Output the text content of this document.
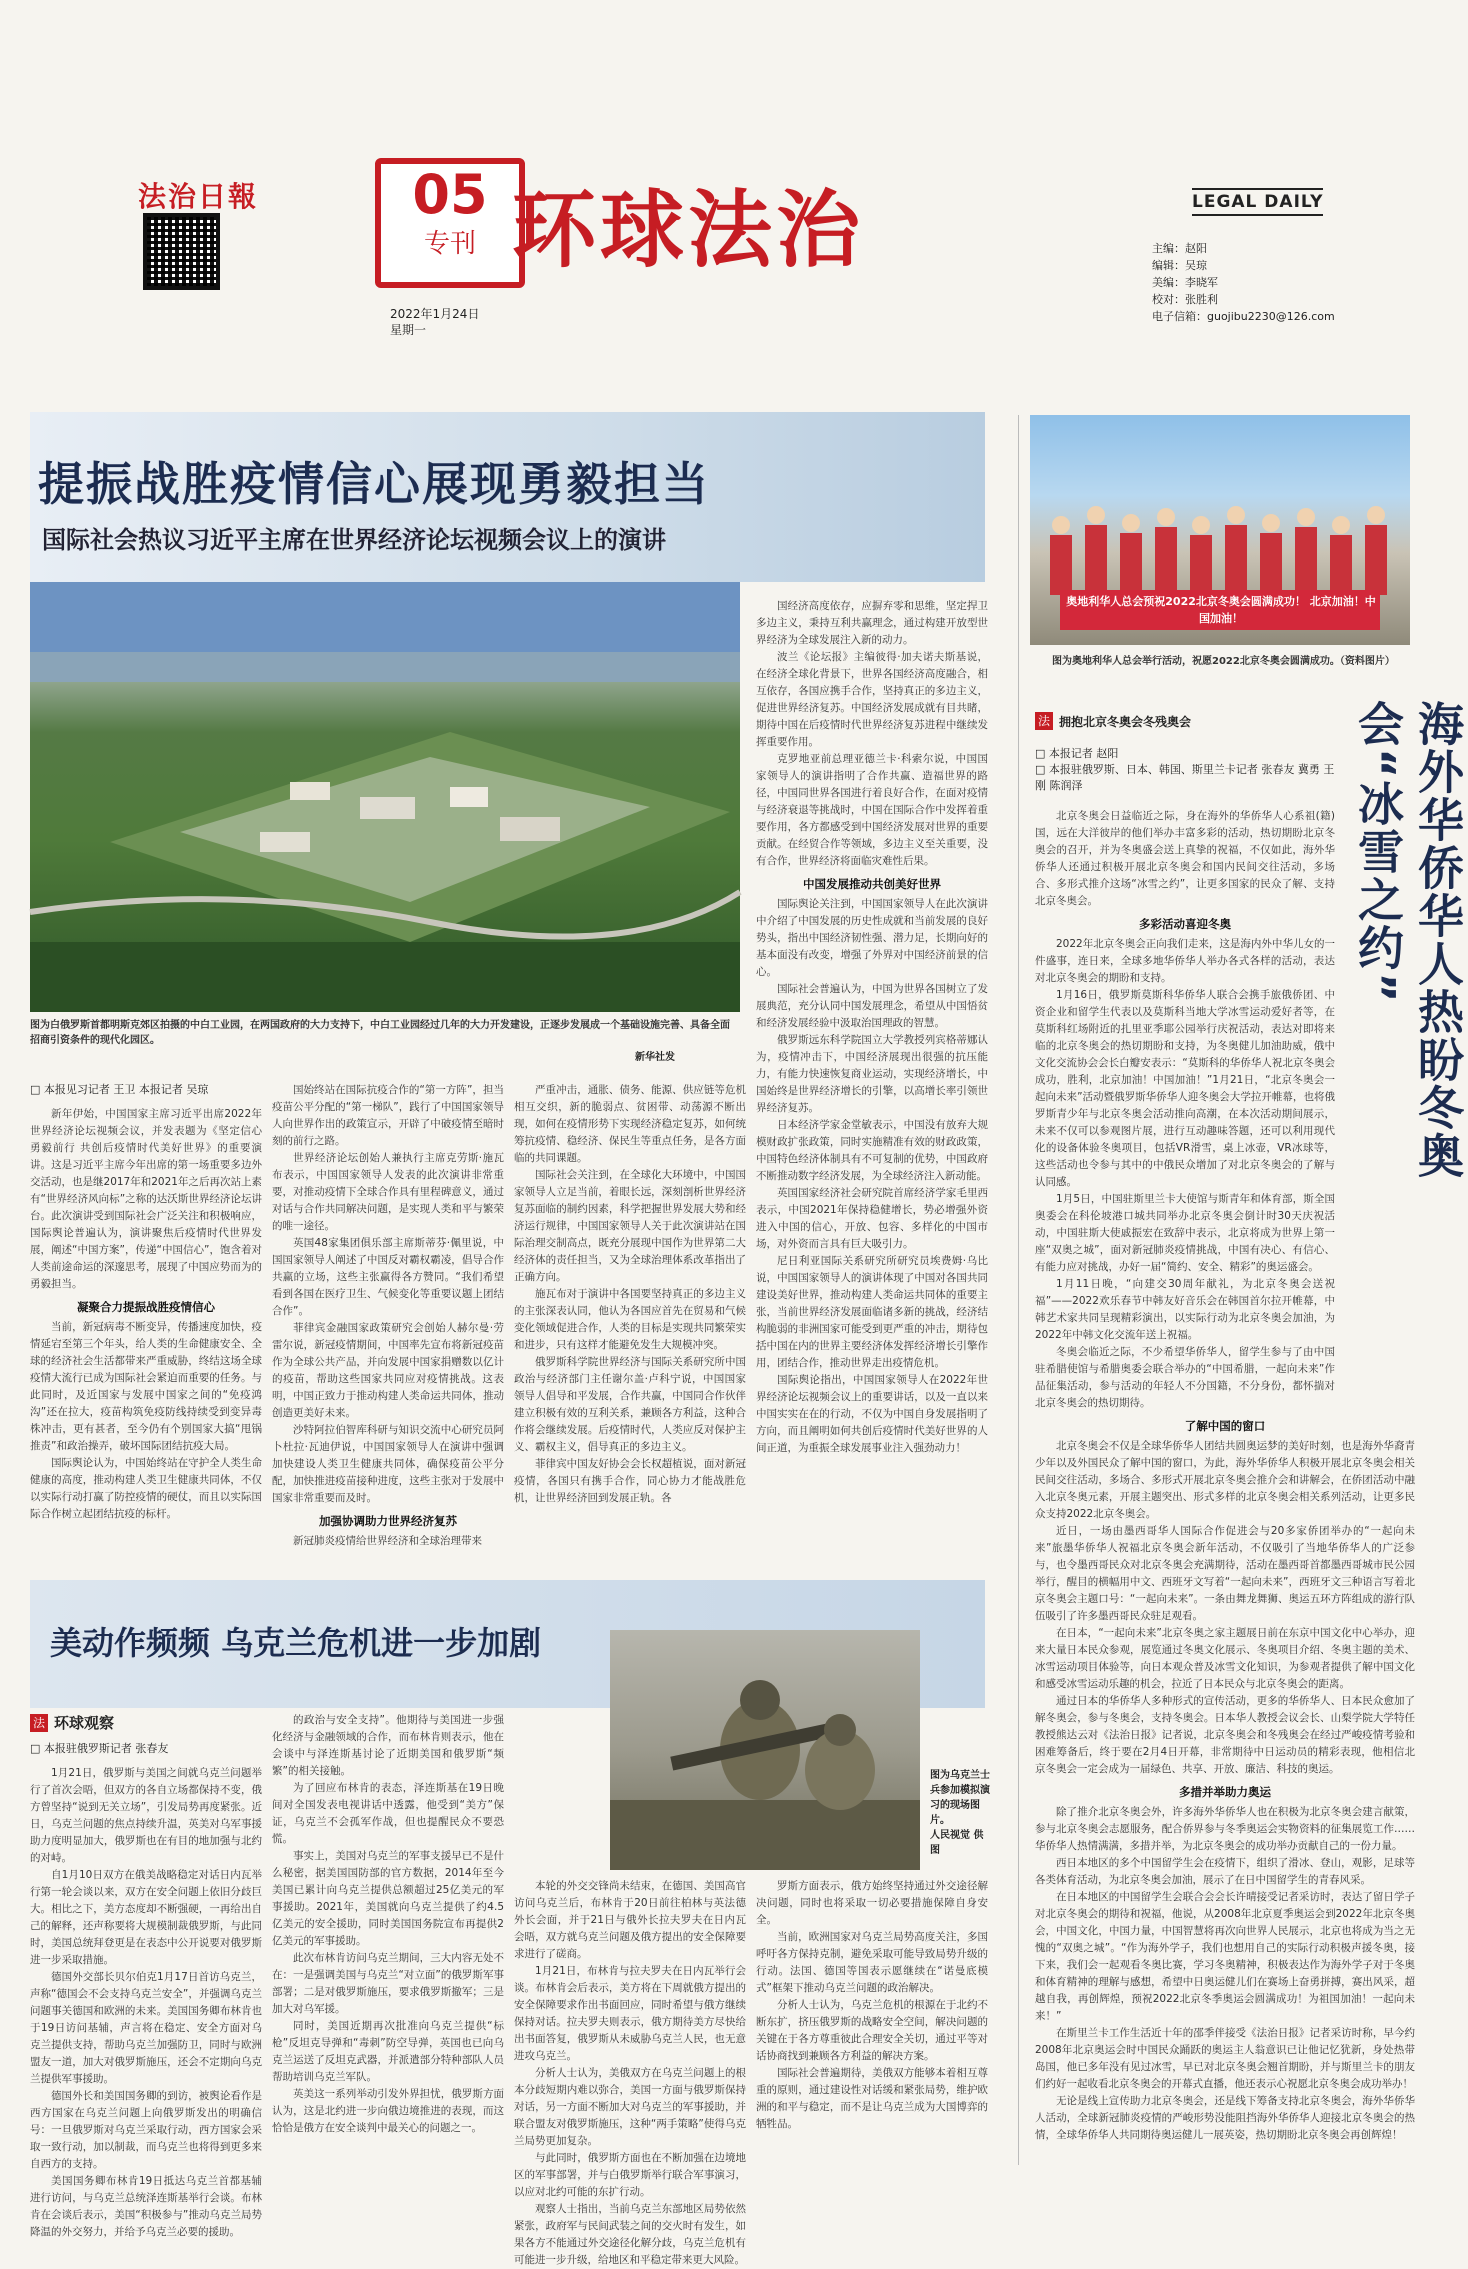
法治日報	05
专刊 环球法治
2022年1月24日
星期一
LEGAL DAILY
主编：赵阳
编辑：吴琼
美编：李晓军
校对：张胜利
电子信箱：guojibu2230@126.com
提振战胜疫情信心展现勇毅担当
国际社会热议习近平主席在世界经济论坛视频会议上的演讲
图为白俄罗斯首都明斯克郊区拍摄的中白工业园，在两国政府的大力支持下，中白工业园经过几年的大力开发建设，正逐步发展成一个基础设施完善、具备全面招商引资条件的现代化园区。
新华社发
□ 本报见习记者 王卫 本报记者 吴琼

新年伊始，中国国家主席习近平出席2022年世界经济论坛视频会议，并发表题为《坚定信心 勇毅前行 共创后疫情时代美好世界》的重要演讲。这是习近平主席今年出席的第一场重要多边外交活动，也是继2017年和2021年之后再次站上素有“世界经济风向标”之称的达沃斯世界经济论坛讲台。此次演讲受到国际社会广泛关注和积极响应，国际舆论普遍认为，演讲聚焦后疫情时代世界发展，阐述“中国方案”，传递“中国信心”，饱含着对人类前途命运的深邃思考，展现了中国应势而为的勇毅担当。

凝聚合力提振战胜疫情信心

当前，新冠病毒不断变异，传播速度加快，疫情延宕至第三个年头，给人类的生命健康安全、全球的经济社会生活都带来严重威胁，终结这场全球疫情大流行已成为国际社会紧迫而重要的任务。与此同时，及近国家与发展中国家之间的“免疫鸿沟”还在拉大，疫苗构筑免疫防线持续受到变异毒株冲击，更有甚者，至今仍有个别国家大搞“甩锅推责”和政治操弄，破坏国际团结抗疫大局。

国际舆论认为，中国始终站在守护全人类生命健康的高度，推动构建人类卫生健康共同体，不仅以实际行动打赢了防控疫情的硬仗，而且以实际国际合作树立起团结抗疫的标杆。

国始终站在国际抗疫合作的“第一方阵”，担当疫苗公平分配的“第一梯队”，践行了中国国家领导人向世界作出的政策宣示，开辟了中破疫情至暗时刻的前行之路。

世界经济论坛创始人兼执行主席克劳斯·施瓦布表示，中国国家领导人发表的此次演讲非常重要，对推动疫情下全球合作具有里程碑意义，通过对话与合作共同解决问题，是实现人类和平与繁荣的唯一途径。

英国48家集团俱乐部主席斯蒂芬·佩里说，中国国家领导人阐述了中国反对霸权霸凌，倡导合作共赢的立场，这些主张赢得各方赞同。“我们希望看到各国在医疗卫生、气候变化等重要议题上团结合作”。

菲律宾金融国家政策研究会创始人赫尔曼·劳雷尔说，新冠疫情期间，中国率先宣布将新冠疫苗作为全球公共产品，并向发展中国家捐赠数以亿计的疫苗，帮助这些国家共同应对疫情挑战。这表明，中国正致力于推动构建人类命运共同体，推动创造更美好未来。

沙特阿拉伯智库科研与知识交流中心研究员阿卜杜拉·瓦迪伊说，中国国家领导人在演讲中强调加快建设人类卫生健康共同体，确保疫苗公平分配，加快推进疫苗接种进度，这些主张对于发展中国家非常重要而及时。

加强协调助力世界经济复苏

新冠肺炎疫情给世界经济和全球治理带来

严重冲击，通胀、债务、能源、供应链等危机相互交织，新的脆弱点、贫困带、动荡源不断出现，如何在疫情形势下实现经济稳定复苏，如何统筹抗疫情、稳经济、保民生等重点任务，是各方面临的共同课题。

国际社会关注到，在全球化大环境中，中国国家领导人立足当前，着眼长远，深刻剖析世界经济复苏面临的制约因素，科学把握世界发展大势和经济运行规律，中国国家领导人关于此次演讲站在国际治理交制高点，既充分展现中国作为世界第二大经济体的责任担当，又为全球治理体系改革指出了正确方向。

施瓦布对于演讲中各国要坚持真正的多边主义的主张深表认同，他认为各国应首先在贸易和气候变化领域促进合作，人类的目标是实现共同繁荣实和进步，只有这样才能避免发生大规模冲突。

俄罗斯科学院世界经济与国际关系研究所中国政治与经济部门主任谢尔盖·卢科宁说，中国国家领导人倡导和平发展，合作共赢，中国同合作伙伴建立积极有效的互利关系，兼顾各方利益，这种合作将会继续发展。后疫情时代，人类应反对保护主义、霸权主义，倡导真正的多边主义。

菲律宾中国友好协会会长权超植说，面对新冠疫情，各国只有携手合作，同心协力才能战胜危机，让世界经济回到发展正轨。各

国经济高度依存，应摒弃零和思维，坚定捍卫多边主义，秉持互利共赢理念，通过构建开放型世界经济为全球发展注入新的动力。

波兰《论坛报》主编彼得·加夫诺夫斯基说，在经济全球化背景下，世界各国经济高度融合，相互依存，各国应携手合作，坚持真正的多边主义，促进世界经济复苏。中国经济发展成就有目共睹，期待中国在后疫情时代世界经济复苏进程中继续发挥重要作用。

克罗地亚前总理亚德兰卡·科索尔说，中国国家领导人的演讲指明了合作共赢、造福世界的路径，中国同世界各国进行着良好合作，在面对疫情与经济衰退等挑战时，中国在国际合作中发挥着重要作用，各方都感受到中国经济发展对世界的重要贡献。在经贸合作等领域，多边主义至关重要，没有合作，世界经济将面临灾难性后果。

中国发展推动共创美好世界

国际舆论关注到，中国国家领导人在此次演讲中介绍了中国发展的历史性成就和当前发展的良好势头，指出中国经济韧性强、潜力足，长期向好的基本面没有改变，增强了外界对中国经济前景的信心。

国际社会普遍认为，中国为世界各国树立了发展典范，充分认同中国发展理念，希望从中国悟贫和经济发展经验中汲取治国理政的智慧。

俄罗斯远东科学院国立大学教授列宾格蒂娜认为，疫情冲击下，中国经济展现出很强的抗压能力，有能力快速恢复商业运动，实现经济增长，中国始终是世界经济增长的引擎，以高增长率引领世界经济复苏。

日本经济学家金堂敏表示，中国没有放弃大规模财政扩张政策，同时实施精准有效的财政政策，中国特色经济体制具有不可复制的优势，中国政府不断推动数字经济发展，为全球经济注入新动能。

英国国家经济社会研究院首席经济学家毛里西表示，中国2021年保持稳健增长，势必增强外资进入中国的信心，开放、包容、多样化的中国市场，对外资而言具有巨大吸引力。

尼日利亚国际关系研究所研究员埃费姆·乌比说，中国国家领导人的演讲体现了中国对各国共同建设美好世界，推动构建人类命运共同体的重要主张，当前世界经济发展面临诸多新的挑战，经济结构脆弱的非洲国家可能受到更严重的冲击，期待包括中国在内的世界主要经济体发挥经济增长引擎作用，团结合作，推动世界走出疫情危机。

国际舆论指出，中国国家领导人在2022年世界经济论坛视频会议上的重要讲话，以及一直以来中国实实在在的行动，不仅为中国自身发展指明了方向，而且阐明如何共创后疫情时代美好世界的人间正道，为重振全球发展事业注入强劲动力！

美动作频频 乌克兰危机进一步加剧
图为乌克兰士兵参加模拟演习的现场图片。
人民视觉 供图
法 环球观察
□ 本报驻俄罗斯记者 张春友

1月21日，俄罗斯与美国之间就乌克兰问题举行了首次会晤，但双方的各自立场都保持不变，俄方曾坚持“说到无关立场”，引发局势再度紧张。近日，乌克兰问题的焦点持续升温，英美对乌军事援助力度明显加大，俄罗斯也在有目的地加强与北约的对峙。

自1月10日双方在俄美战略稳定对话日内瓦举行第一轮会谈以来，双方在安全问题上依旧分歧巨大。相比之下，美方态度却不断强硬，一再给出自己的解释，还声称要将大规模制裁俄罗斯，与此同时，美国总统拜登更是在表态中公开说要对俄罗斯进一步采取措施。

德国外交部长贝尔伯克1月17日首访乌克兰，声称“德国会不会支持乌克兰安全”，并强调乌克兰问题事关德国和欧洲的未来。美国国务卿布林肯也于19日访问基辅，声言将在稳定、安全方面对乌克兰提供支持，帮助乌克兰加强防卫，同时与欧洲盟友一道，加大对俄罗斯施压，还会不定期向乌克兰提供军事援助。

德国外长和美国国务卿的到访，被舆论看作是西方国家在乌克兰问题上向俄罗斯发出的明确信号：一旦俄罗斯对乌克兰采取行动，西方国家会采取一致行动，加以制裁，而乌克兰也将得到更多来自西方的支持。

美国国务卿布林肯19日抵达乌克兰首都基辅进行访问，与乌克兰总统泽连斯基举行会谈。布林肯在会谈后表示，美国“积极参与”推动乌克兰局势降温的外交努力，并给予乌克兰必要的援助。

的政治与安全支持”。他期待与美国进一步强化经济与金融领域的合作，而布林肯则表示，他在会谈中与泽连斯基讨论了近期美国和俄罗斯“频繁”的相关接触。

为了回应布林肯的表态，泽连斯基在19日晚间对全国发表电视讲话中透露，他受到“美方”保证，乌克兰不会孤军作战，但也提醒民众不要恐慌。

事实上，美国对乌克兰的军事支援早已不是什么秘密，据美国国防部的官方数据，2014年至今美国已累计向乌克兰提供总额超过25亿美元的军事援助。2021年，美国就向乌克兰提供了约4.5亿美元的安全援助，同时美国国务院宣布再提供2亿美元的军事援助。

此次布林肯访问乌克兰期间，三大内容无处不在：一是强调美国与乌克兰“对立面”的俄罗斯军事部署；二是对俄罗斯施压，要求俄罗斯撤军；三是加大对乌军援。

同时，美国近期再次批准向乌克兰提供“标枪”反坦克导弹和“毒刺”防空导弹，英国也已向乌克兰运送了反坦克武器，并派遣部分特种部队人员帮助培训乌克兰军队。

英美这一系列举动引发外界担忧，俄罗斯方面认为，这是北约进一步向俄边境推进的表现，而这恰恰是俄方在安全谈判中最关心的问题之一。

本轮的外交交锋尚未结束，在德国、美国高官访问乌克兰后，布林肯于20日前往柏林与英法德外长会面，并于21日与俄外长拉夫罗夫在日内瓦会晤，双方就乌克兰问题及俄方提出的安全保障要求进行了磋商。

1月21日，布林肯与拉夫罗夫在日内瓦举行会谈。布林肯会后表示，美方将在下周就俄方提出的安全保障要求作出书面回应，同时希望与俄方继续保持对话。拉夫罗夫则表示，俄方期待美方尽快给出书面答复，俄罗斯从未威胁乌克兰人民，也无意进攻乌克兰。

分析人士认为，美俄双方在乌克兰问题上的根本分歧短期内难以弥合，美国一方面与俄罗斯保持对话，另一方面不断加大对乌克兰的军事援助，并联合盟友对俄罗斯施压，这种“两手策略”使得乌克兰局势更加复杂。

与此同时，俄罗斯方面也在不断加强在边境地区的军事部署，并与白俄罗斯举行联合军事演习，以应对北约可能的东扩行动。

观察人士指出，当前乌克兰东部地区局势依然紧张，政府军与民间武装之间的交火时有发生，如果各方不能通过外交途径化解分歧，乌克兰危机有可能进一步升级，给地区和平稳定带来更大风险。

罗斯方面表示，俄方始终坚持通过外交途径解决问题，同时也将采取一切必要措施保障自身安全。

当前，欧洲国家对乌克兰局势高度关注，多国呼吁各方保持克制，避免采取可能导致局势升级的行动。法国、德国等国表示愿继续在“诺曼底模式”框架下推动乌克兰问题的政治解决。

分析人士认为，乌克兰危机的根源在于北约不断东扩，挤压俄罗斯的战略安全空间，解决问题的关键在于各方尊重彼此合理安全关切，通过平等对话协商找到兼顾各方利益的解决方案。

国际社会普遍期待，美俄双方能够本着相互尊重的原则，通过建设性对话缓和紧张局势，维护欧洲的和平与稳定，而不是让乌克兰成为大国博弈的牺牲品。

奥地利华人总会预祝2022北京冬奥会圆满成功！ 北京加油！中国加油！
图为奥地利华人总会举行活动，祝愿2022北京冬奥会圆满成功。（资料图片）
海外华侨华人热盼冬奥会“冰雪之约”
法 拥抱北京冬奥会冬残奥会
□ 本报记者 赵阳
□ 本报驻俄罗斯、日本、韩国、斯里兰卡记者 张春友 冀勇 王刚 陈润泽

北京冬奥会日益临近之际，身在海外的华侨华人心系祖(籍)国，远在大洋彼岸的他们举办丰富多彩的活动，热切期盼北京冬奥会的召开，并为冬奥盛会送上真挚的祝福，不仅如此，海外华侨华人还通过积极开展北京冬奥会和国内民间交往活动，多场合、多形式推介这场“冰雪之约”，让更多国家的民众了解、支持北京冬奥会。

多彩活动喜迎冬奥

2022年北京冬奥会正向我们走来，这是海内外中华儿女的一件盛事，连日来，全球多地华侨华人举办各式各样的活动，表达对北京冬奥会的期盼和支持。

1月16日，俄罗斯莫斯科华侨华人联合会携手旅俄侨团、中资企业和留学生代表以及莫斯科当地大学冰雪运动爱好者等，在莫斯科红场附近的扎里亚季耶公园举行庆祝活动，表达对即将来临的北京冬奥会的热切期盼和支持，为冬奥健儿加油助威，俄中文化交流协会会长白瓣安表示：“莫斯科的华侨华人祝北京冬奥会成功，胜利，北京加油！中国加油！”1月21日，“北京冬奥会一起向未来”活动暨俄罗斯华侨华人迎冬奥会大学拉开帷幕，也将俄罗斯青少年与北京冬奥会活动推向高潮，在本次活动期间展示，未来不仅可以参观图片展，进行互动趣味答题，还可以利用现代化的设备体验冬奥项目，包括VR滑雪，桌上冰壶，VR冰球等，这些活动也令参与其中的中俄民众增加了对北京冬奥会的了解与认同感。

1月5日，中国驻斯里兰卡大使馆与斯青年和体育部，斯全国奥委会在科伦坡港口城共同举办北京冬奥会倒计时30天庆祝活动，中国驻斯大使戚振宏在致辞中表示，北京将成为世界上第一座“双奥之城”，面对新冠肺炎疫情挑战，中国有决心、有信心、有能力应对挑战，办好一届“简约、安全、精彩”的奥运盛会。

1月11日晚，“向建交30周年献礼，为北京冬奥会送祝福”——2022欢乐春节中韩友好音乐会在韩国首尔拉开帷幕，中韩艺术家共同呈现精彩演出，以实际行动为北京冬奥会加油，为2022年中韩文化交流年送上祝福。

冬奥会临近之际，不少希望华侨华人，留学生参与了由中国驻希腊使馆与希腊奥委会联合举办的“中国希腊，一起向未来”作品征集活动，参与活动的年轻人不分国籍，不分身份，都怀揣对北京冬奥会的热切期待。

了解中国的窗口

北京冬奥会不仅是全球华侨华人团结共圆奥运梦的美好时刻，也是海外华裔青少年以及外国民众了解中国的窗口，为此，海外华侨华人积极开展北京冬奥会相关民间交往活动，多场合、多形式开展北京冬奥会推介会和讲解会，在侨团活动中融入北京冬奥元素，开展主题突出、形式多样的北京冬奥会相关系列活动，让更多民众支持2022北京冬奥会。

近日，一场由墨西哥华人国际合作促进会与20多家侨团举办的“一起向未来”旅墨华侨华人祝福北京冬奥会新年活动，不仅吸引了当地华侨华人的广泛参与，也令墨西哥民众对北京冬奥会充满期待，活动在墨西哥首都墨西哥城市民公园举行，醒目的横幅用中文、西班牙文写着“一起向未来”，西班牙文三种语言写着北京冬奥会主题口号：“一起向未来”。一条由舞龙舞狮、奥运五环方阵组成的游行队伍吸引了许多墨西哥民众驻足观看。

在日本，“一起向未来”北京冬奥之家主题展日前在东京中国文化中心举办，迎来大量日本民众参观，展览通过冬奥文化展示、冬奥项目介绍、冬奥主题的美术、冰雪运动项目体验等，向日本观众普及冰雪文化知识，为参观者提供了解中国文化和感受冰雪运动乐趣的机会，拉近了日本民众与北京冬奥会的距离。

通过日本的华侨华人多种形式的宣传活动，更多的华侨华人、日本民众愈加了解冬奥会，参与冬奥会，支持冬奥会。日本华人教授会议会长、山梨学院大学特任教授熊达云对《法治日报》记者说，北京冬奥会和冬残奥会在经过严峻疫情考验和困难筹备后，终于要在2月4日开幕，非常期待中日运动员的精彩表现，他相信北京冬奥会一定会成为一届绿色、共享、开放、廉洁、科技的奥运。

多措并举助力奥运

除了推介北京冬奥会外，许多海外华侨华人也在积极为北京冬奥会建言献策，参与北京冬奥会志愿服务，配合侨界参与冬季奥运会实物资料的征集展览工作……华侨华人热情满满，多措并举，为北京冬奥会的成功举办贡献自己的一份力量。

西日本地区的多个中国留学生会在疫情下，组织了滑冰、登山，观影，足球等各类体育活动，为北京冬奥会加油，展示了在日中国留学生的青春风采。

在日本地区的中国留学生会联合会会长许晴接受记者采访时，表达了留日学子对北京冬奥会的期待和祝福，他说，从2008年北京夏季奥运会到2022年北京冬奥会，中国文化，中国力量，中国智慧将再次向世界人民展示，北京也将成为当之无愧的“双奥之城”。“作为海外学子，我们也想用自己的实际行动积极声援冬奥，接下来，我们会一起观看冬奥比赛，学习冬奥精神，积极表达作为海外学子对于冬奥和体育精神的理解与感想，希望中日奥运健儿们在赛场上奋勇拼搏，赛出风采，超越自我，再创辉煌，预祝2022北京冬季奥运会圆满成功！为祖国加油！一起向未来！”

在斯里兰卡工作生活近十年的邵季伴接受《法治日报》记者采访时称，早今约2008年北京奥运会时中国民众踊跃的奥运主人翁意识已让他记忆犹新，身处热带岛国，他已多年没有见过冰雪，早已对北京冬奥会翘首期盼，并与斯里兰卡的朋友们约好一起收看北京冬奥会的开幕式直播，他还表示心祝愿北京冬奥会成功举办！

无论是线上宣传助力北京冬奥会，还是线下筹备支持北京冬奥会，海外华侨华人活动，全球新冠肺炎疫情的严峻形势没能阻挡海外华侨华人迎接北京冬奥会的热情，全球华侨华人共同期待奥运健儿一展英姿，热切期盼北京冬奥会再创辉煌！
